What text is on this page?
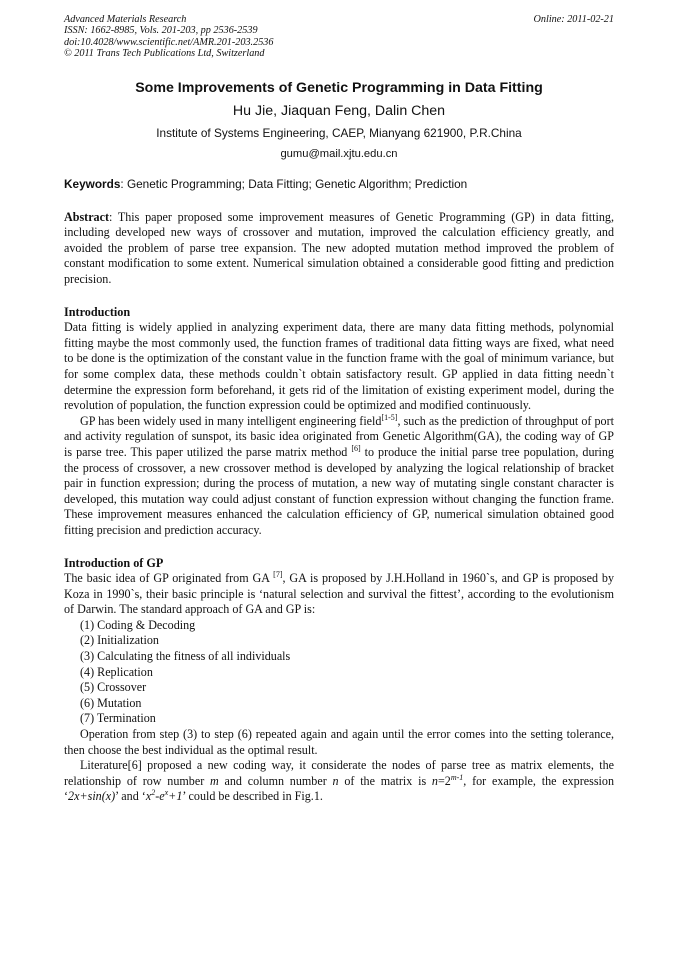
Advanced Materials Research
ISSN: 1662-8985, Vols. 201-203, pp 2536-2539
doi:10.4028/www.scientific.net/AMR.201-203.2536
© 2011 Trans Tech Publications Ltd, Switzerland
Online: 2011-02-21
Some Improvements of Genetic Programming in Data Fitting
Hu Jie, Jiaquan Feng, Dalin Chen
Institute of Systems Engineering, CAEP, Mianyang 621900, P.R.China
gumu@mail.xjtu.edu.cn
Keywords: Genetic Programming; Data Fitting; Genetic Algorithm; Prediction
Abstract: This paper proposed some improvement measures of Genetic Programming (GP) in data fitting, including developed new ways of crossover and mutation, improved the calculation efficiency greatly, and avoided the problem of parse tree expansion. The new adopted mutation method improved the problem of constant modification to some extent. Numerical simulation obtained a considerable good fitting and prediction precision.
Introduction

Data fitting is widely applied in analyzing experiment data, there are many data fitting methods, polynomial fitting maybe the most commonly used, the function frames of traditional data fitting ways are fixed, what need to be done is the optimization of the constant value in the function frame with the goal of minimum variance, but for some complex data, these methods couldn`t obtain satisfactory result. GP applied in data fitting needn`t determine the expression form beforehand, it gets rid of the limitation of existing experiment model, during the revolution of population, the function expression could be optimized and modified continuously.

GP has been widely used in many intelligent engineering field[1-5], such as the prediction of throughput of port and activity regulation of sunspot, its basic idea originated from Genetic Algorithm(GA), the coding way of GP is parse tree. This paper utilized the parse matrix method [6] to produce the initial parse tree population, during the process of crossover, a new crossover method is developed by analyzing the logical relationship of bracket pair in function expression; during the process of mutation, a new way of mutating single constant character is developed, this mutation way could adjust constant of function expression without changing the function frame. These improvement measures enhanced the calculation efficiency of GP, numerical simulation obtained good fitting precision and prediction accuracy.

Introduction of GP

The basic idea of GP originated from GA [7], GA is proposed by J.H.Holland in 1960`s, and GP is proposed by Koza in 1990`s, their basic principle is ‘natural selection and survival the fittest’, according to the evolutionism of Darwin. The standard approach of GA and GP is:

(1) Coding & Decoding
(2) Initialization
(3) Calculating the fitness of all individuals
(4) Replication
(5) Crossover
(6) Mutation
(7) Termination

Operation from step (3) to step (6) repeated again and again until the error comes into the setting tolerance, then choose the best individual as the optimal result.

Literature[6] proposed a new coding way, it considerate the nodes of parse tree as matrix elements, the relationship of row number m and column number n of the matrix is $n=2^{m-1}$, for example, the expression ‘2x+sin(x)’ and ‘$x^2-e^x+1$’ could be described in Fig.1.
